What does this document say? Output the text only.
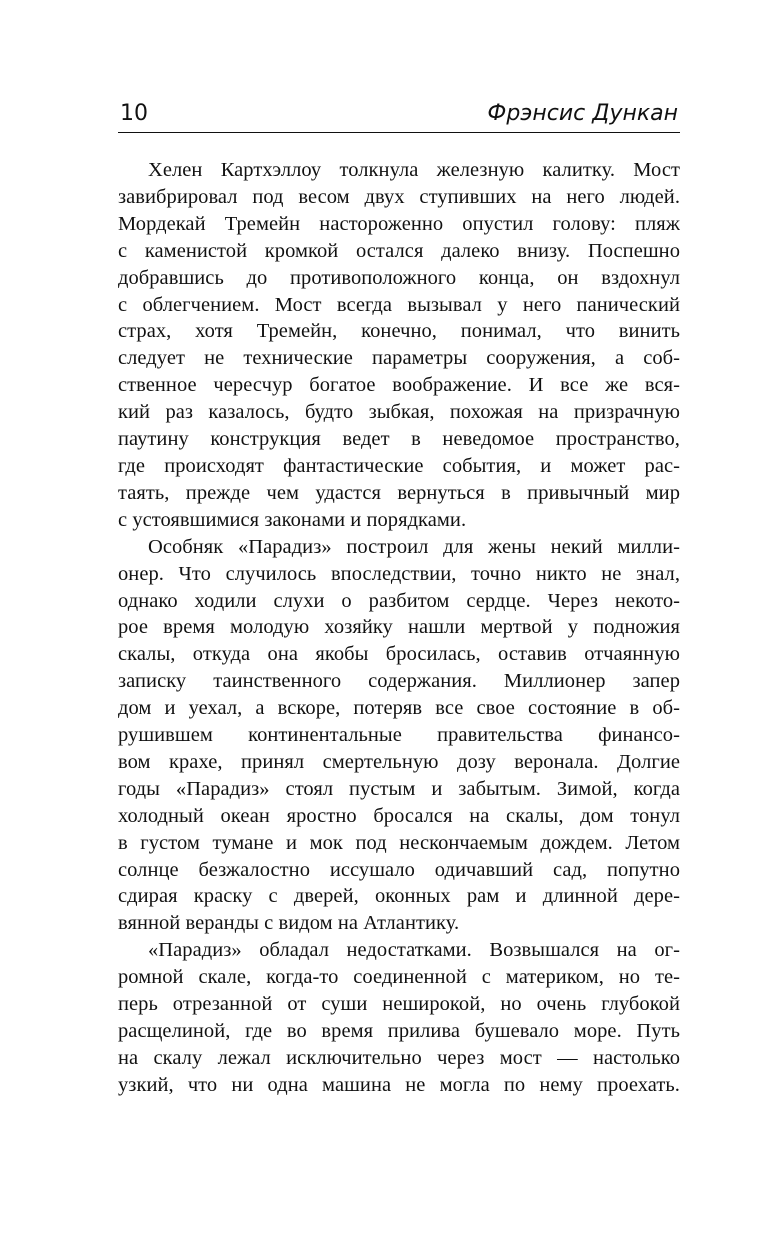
10	Фрэнсис Дункан
Хелен Картхэллоу толкнула железную калитку. Мост
завибрировал под весом двух ступивших на него людей.
Мордекай Тремейн настороженно опустил голову: пляж
с каменистой кромкой остался далеко внизу. Поспешно
добравшись до противоположного конца, он вздохнул
с облегчением. Мост всегда вызывал у него панический
страх, хотя Тремейн, конечно, понимал, что винить
следует не технические параметры сооружения, а соб-
ственное чересчур богатое воображение. И все же вся-
кий раз казалось, будто зыбкая, похожая на призрачную
паутину конструкция ведет в неведомое пространство,
где происходят фантастические события, и может рас-
таять, прежде чем удастся вернуться в привычный мир
с устоявшимися законами и порядками.
Особняк «Парадиз» построил для жены некий милли-
онер. Что случилось впоследствии, точно никто не знал,
однако ходили слухи о разбитом сердце. Через некото-
рое время молодую хозяйку нашли мертвой у подножия
скалы, откуда она якобы бросилась, оставив отчаянную
записку таинственного содержания. Миллионер запер
дом и уехал, а вскоре, потеряв все свое состояние в об-
рушившем континентальные правительства финансо-
вом крахе, принял смертельную дозу веронала. Долгие
годы «Парадиз» стоял пустым и забытым. Зимой, когда
холодный океан яростно бросался на скалы, дом тонул
в густом тумане и мок под нескончаемым дождем. Летом
солнце безжалостно иссушало одичавший сад, попутно
сдирая краску с дверей, оконных рам и длинной дере-
вянной веранды с видом на Атлантику.
«Парадиз» обладал недостатками. Возвышался на ог-
ромной скале, когда-то соединенной с материком, но те-
перь отрезанной от суши неширокой, но очень глубокой
расщелиной, где во время прилива бушевало море. Путь
на скалу лежал исключительно через мост — настолько
узкий, что ни одна машина не могла по нему проехать.
